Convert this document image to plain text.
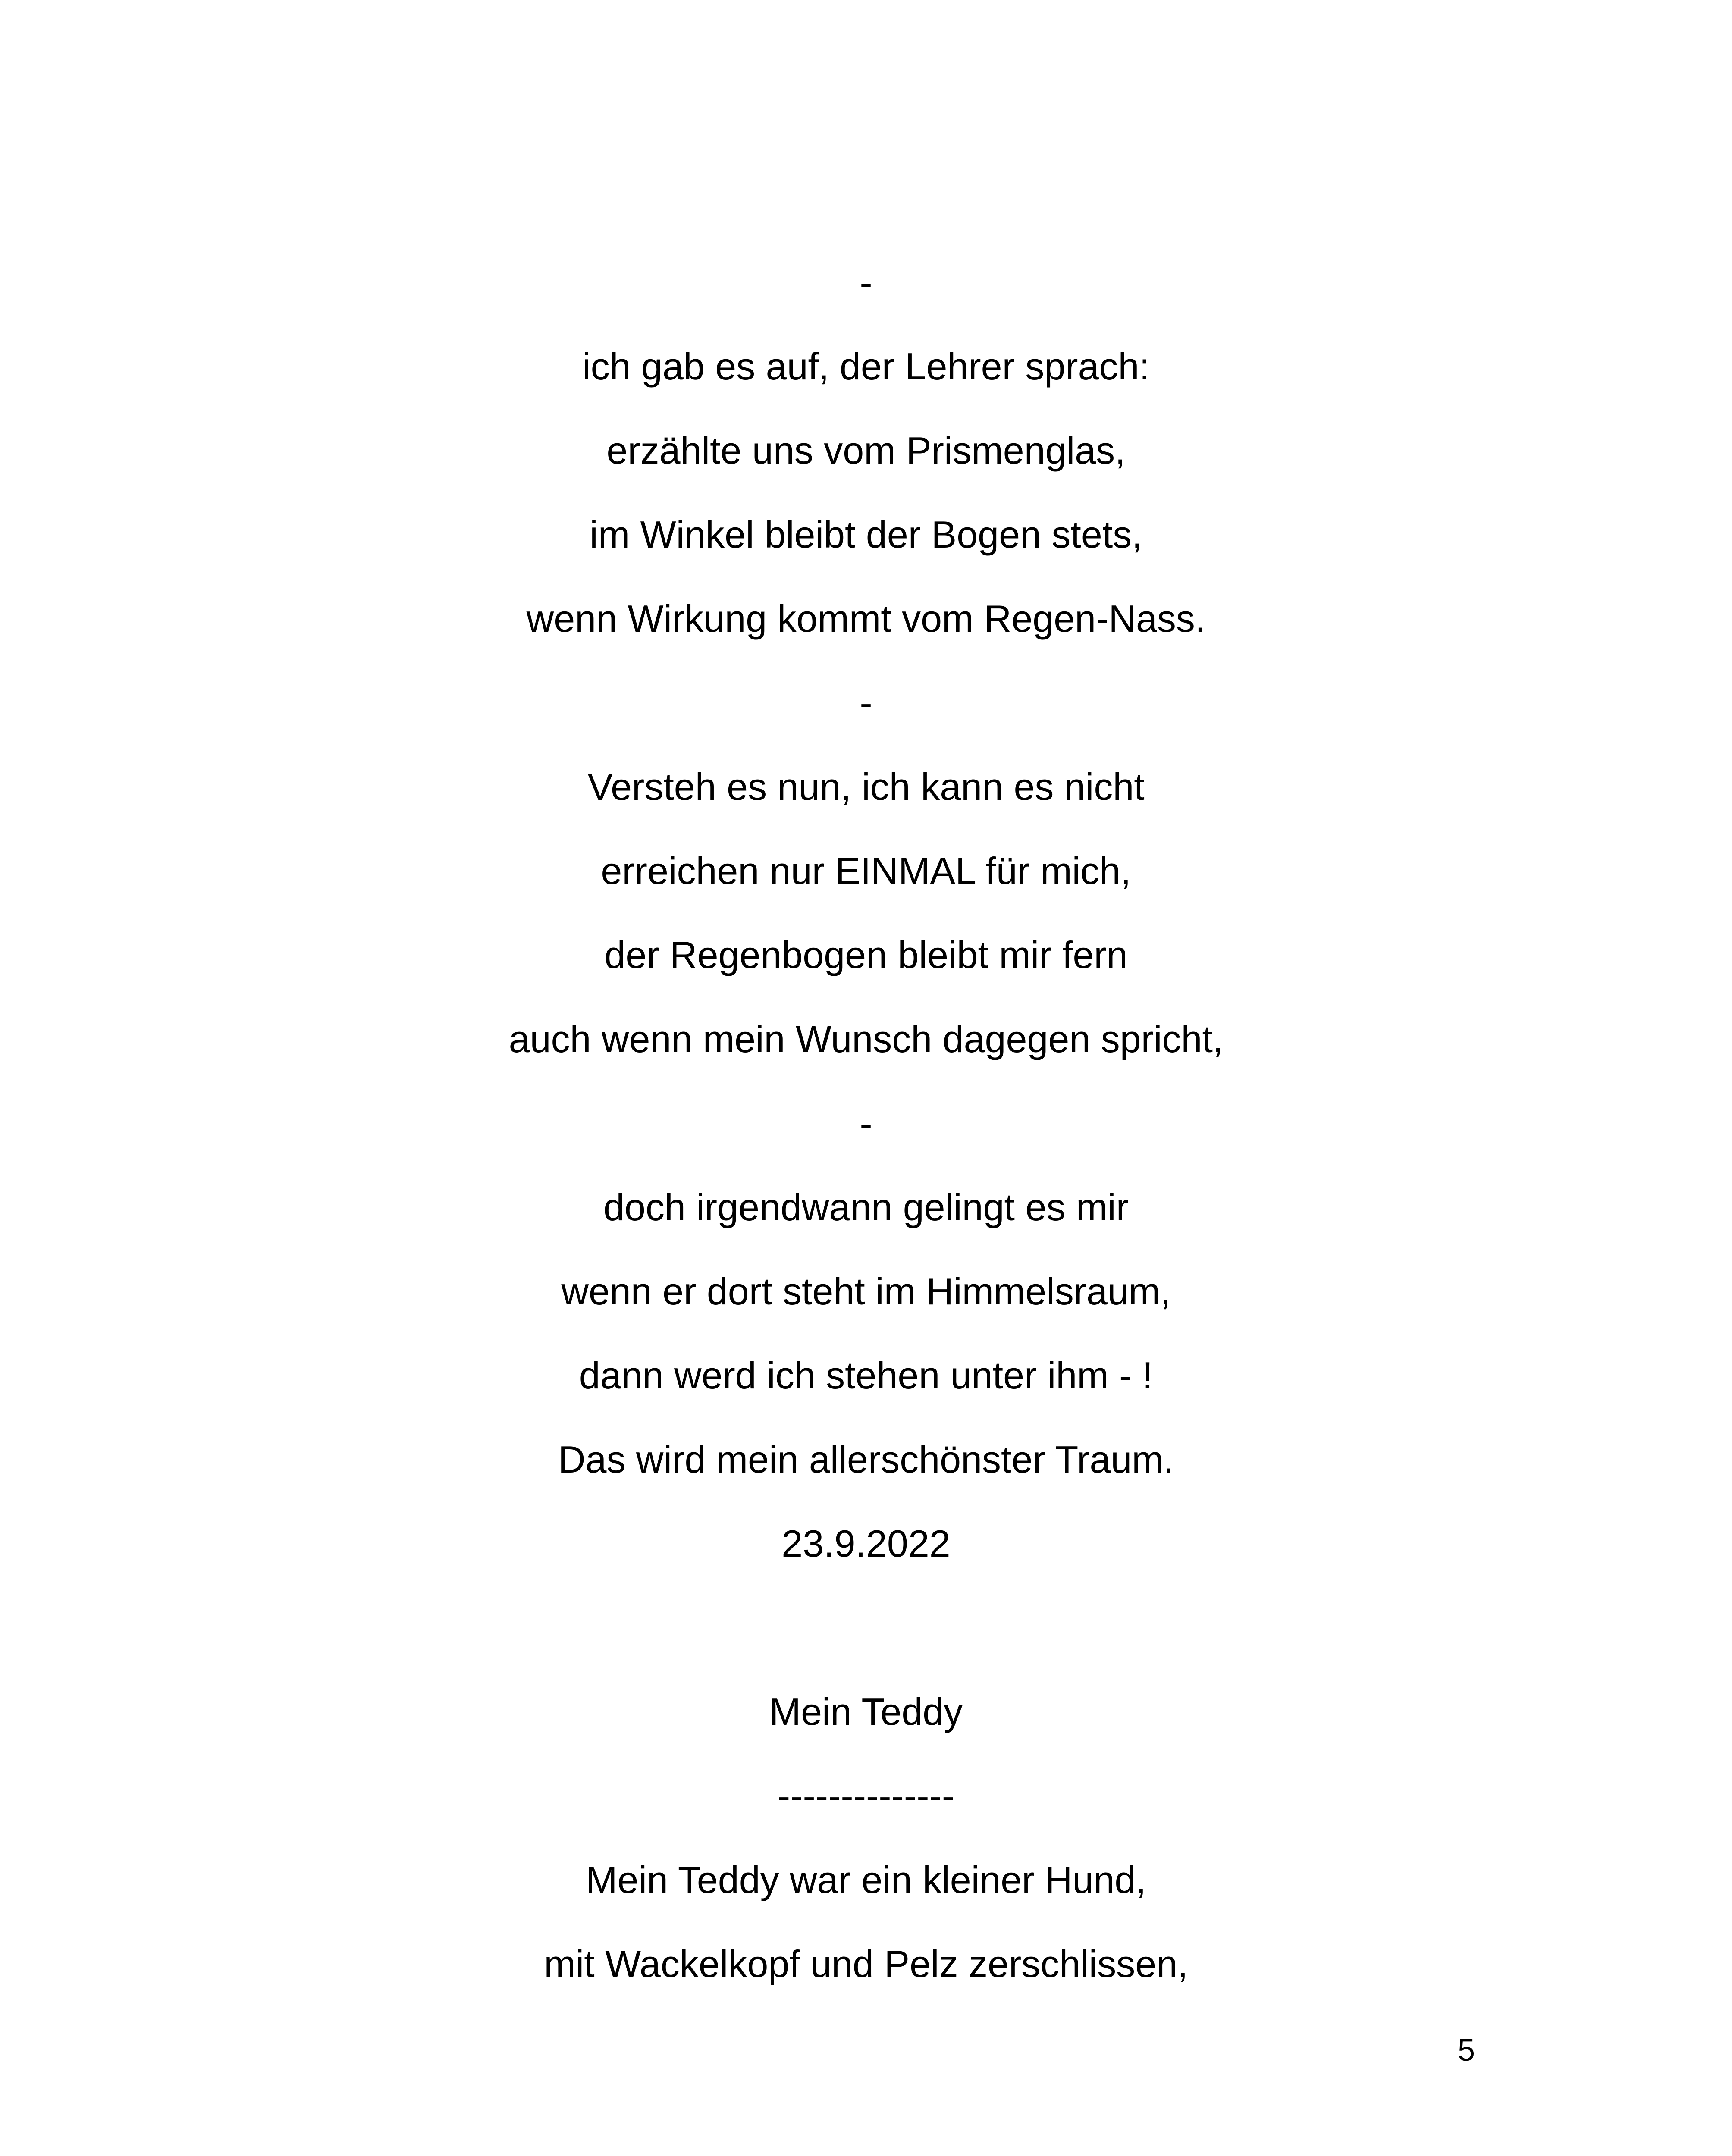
-
ich gab es auf, der Lehrer sprach:
erzählte uns vom Prismenglas,
im Winkel bleibt der Bogen stets,
wenn Wirkung kommt vom Regen-Nass.
-
Versteh es nun, ich kann es nicht
erreichen nur EINMAL für mich,
der Regenbogen bleibt mir fern
auch wenn mein Wunsch dagegen spricht,
-
doch irgendwann gelingt es mir
wenn er dort steht im Himmelsraum,
dann werd ich stehen unter ihm - !
Das wird mein allerschönster Traum.
23.9.2022
Mein Teddy
--------------
Mein Teddy war ein kleiner Hund,
mit Wackelkopf und Pelz zerschlissen,
5
